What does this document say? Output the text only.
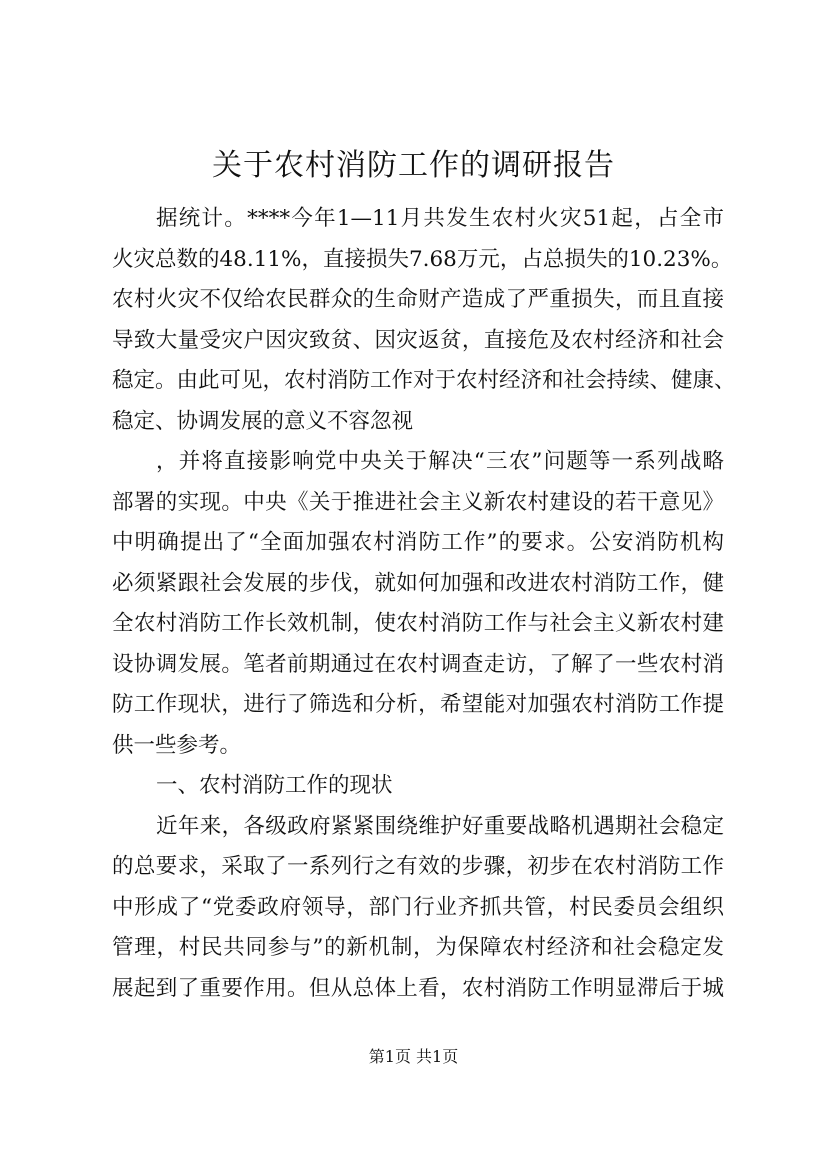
关于农村消防工作的调研报告
据统计。****今年1—11月共发生农村火灾51起，占全市
火灾总数的48.11%，直接损失7.68万元，占总损失的10.23%。
农村火灾不仅给农民群众的生命财产造成了严重损失，而且直接
导致大量受灾户因灾致贫、因灾返贫，直接危及农村经济和社会
稳定。由此可见，农村消防工作对于农村经济和社会持续、健康、
稳定、协调发展的意义不容忽视
，并将直接影响党中央关于解决“三农”问题等一系列战略
部署的实现。中央《关于推进社会主义新农村建设的若干意见》
中明确提出了“全面加强农村消防工作”的要求。公安消防机构
必须紧跟社会发展的步伐，就如何加强和改进农村消防工作，健
全农村消防工作长效机制，使农村消防工作与社会主义新农村建
设协调发展。笔者前期通过在农村调查走访，了解了一些农村消
防工作现状，进行了筛选和分析，希望能对加强农村消防工作提
供一些参考。
一、农村消防工作的现状
近年来，各级政府紧紧围绕维护好重要战略机遇期社会稳定
的总要求，采取了一系列行之有效的步骤，初步在农村消防工作
中形成了“党委政府领导，部门行业齐抓共管，村民委员会组织
管理，村民共同参与”的新机制，为保障农村经济和社会稳定发
展起到了重要作用。但从总体上看，农村消防工作明显滞后于城
第1页 共1页
